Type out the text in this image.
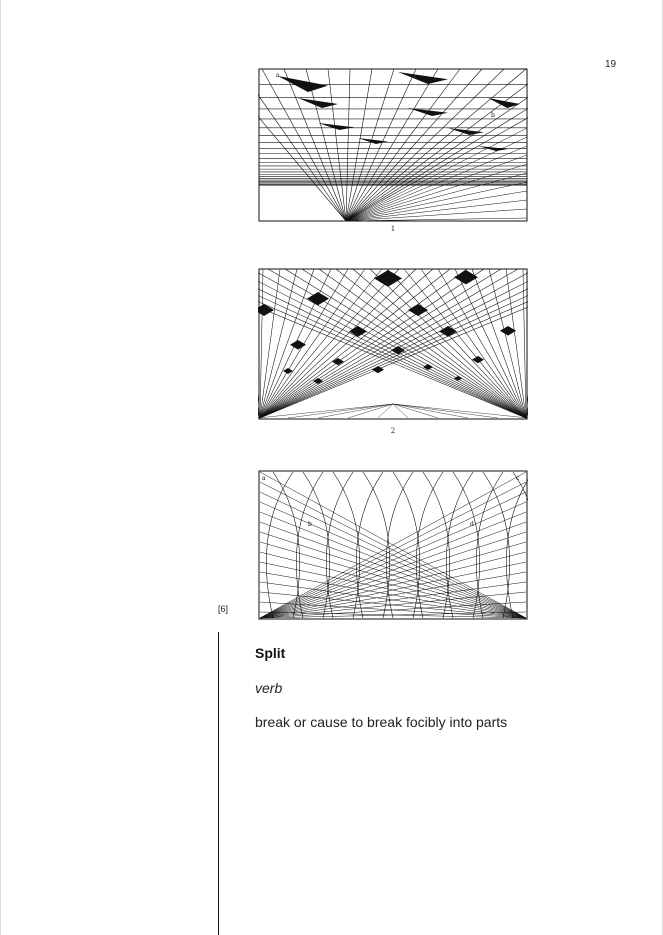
19
a
b
1
2
a
b
c
d
[6]
Split
verb
break or cause to break focibly into parts
